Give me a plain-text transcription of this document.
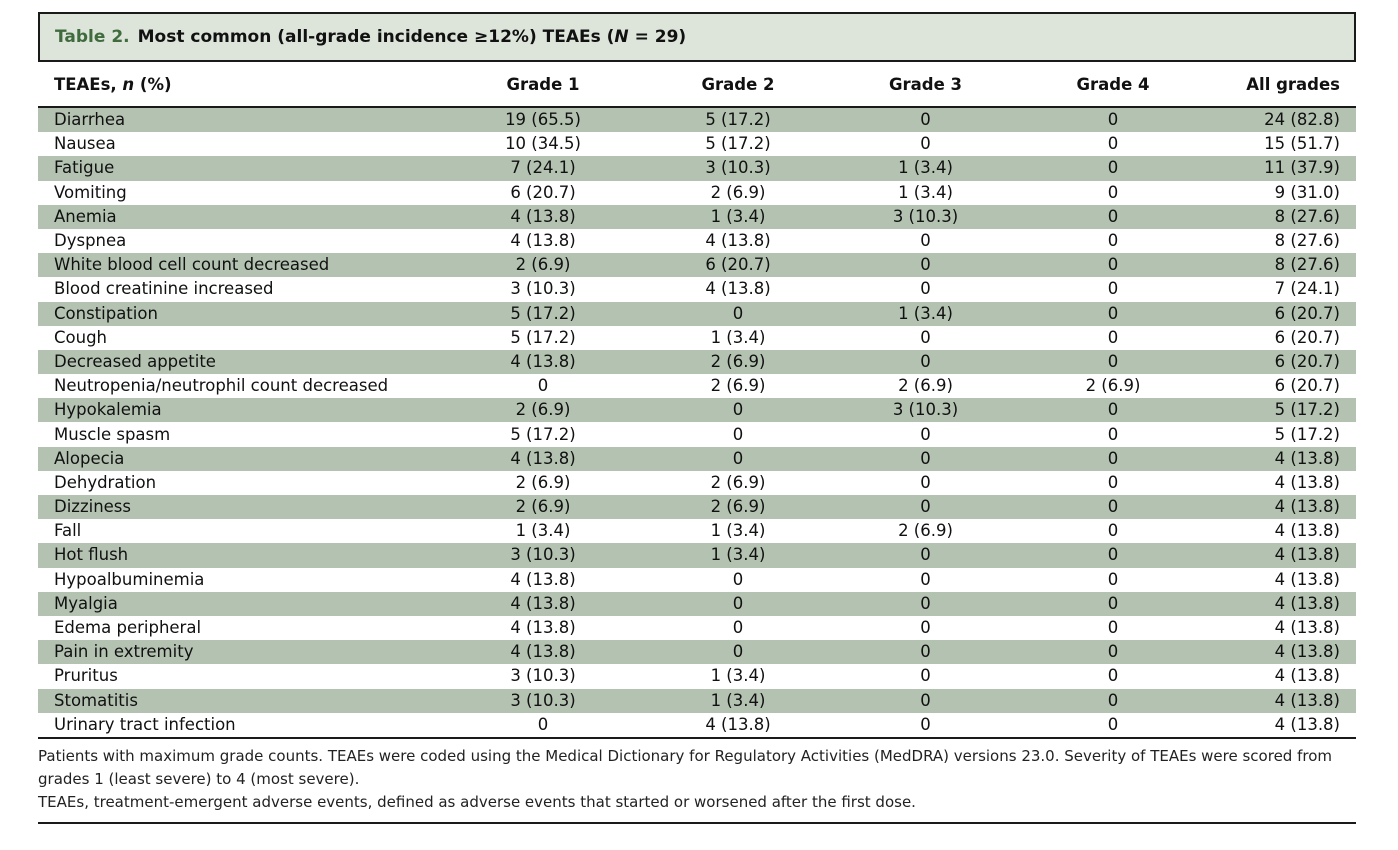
Table 2. Most common (all-grade incidence ≥12%) TEAEs (N = 29)
TEAEs, n (%)	Grade 1	Grade 2	Grade 3	Grade 4	All grades
Diarrhea	19 (65.5)	5 (17.2)	0	0	24 (82.8)
Nausea	10 (34.5)	5 (17.2)	0	0	15 (51.7)
Fatigue	7 (24.1)	3 (10.3)	1 (3.4)	0	11 (37.9)
Vomiting	6 (20.7)	2 (6.9)	1 (3.4)	0	9 (31.0)
Anemia	4 (13.8)	1 (3.4)	3 (10.3)	0	8 (27.6)
Dyspnea	4 (13.8)	4 (13.8)	0	0	8 (27.6)
White blood cell count decreased	2 (6.9)	6 (20.7)	0	0	8 (27.6)
Blood creatinine increased	3 (10.3)	4 (13.8)	0	0	7 (24.1)
Constipation	5 (17.2)	0	1 (3.4)	0	6 (20.7)
Cough	5 (17.2)	1 (3.4)	0	0	6 (20.7)
Decreased appetite	4 (13.8)	2 (6.9)	0	0	6 (20.7)
Neutropenia/neutrophil count decreased	0	2 (6.9)	2 (6.9)	2 (6.9)	6 (20.7)
Hypokalemia	2 (6.9)	0	3 (10.3)	0	5 (17.2)
Muscle spasm	5 (17.2)	0	0	0	5 (17.2)
Alopecia	4 (13.8)	0	0	0	4 (13.8)
Dehydration	2 (6.9)	2 (6.9)	0	0	4 (13.8)
Dizziness	2 (6.9)	2 (6.9)	0	0	4 (13.8)
Fall	1 (3.4)	1 (3.4)	2 (6.9)	0	4 (13.8)
Hot flush	3 (10.3)	1 (3.4)	0	0	4 (13.8)
Hypoalbuminemia	4 (13.8)	0	0	0	4 (13.8)
Myalgia	4 (13.8)	0	0	0	4 (13.8)
Edema peripheral	4 (13.8)	0	0	0	4 (13.8)
Pain in extremity	4 (13.8)	0	0	0	4 (13.8)
Pruritus	3 (10.3)	1 (3.4)	0	0	4 (13.8)
Stomatitis	3 (10.3)	1 (3.4)	0	0	4 (13.8)
Urinary tract infection	0	4 (13.8)	0	0	4 (13.8)

Patients with maximum grade counts. TEAEs were coded using the Medical Dictionary for Regulatory Activities (MedDRA) versions 23.0. Severity of TEAEs were scored from grades 1 (least severe) to 4 (most severe).

TEAEs, treatment-emergent adverse events, defined as adverse events that started or worsened after the first dose.
